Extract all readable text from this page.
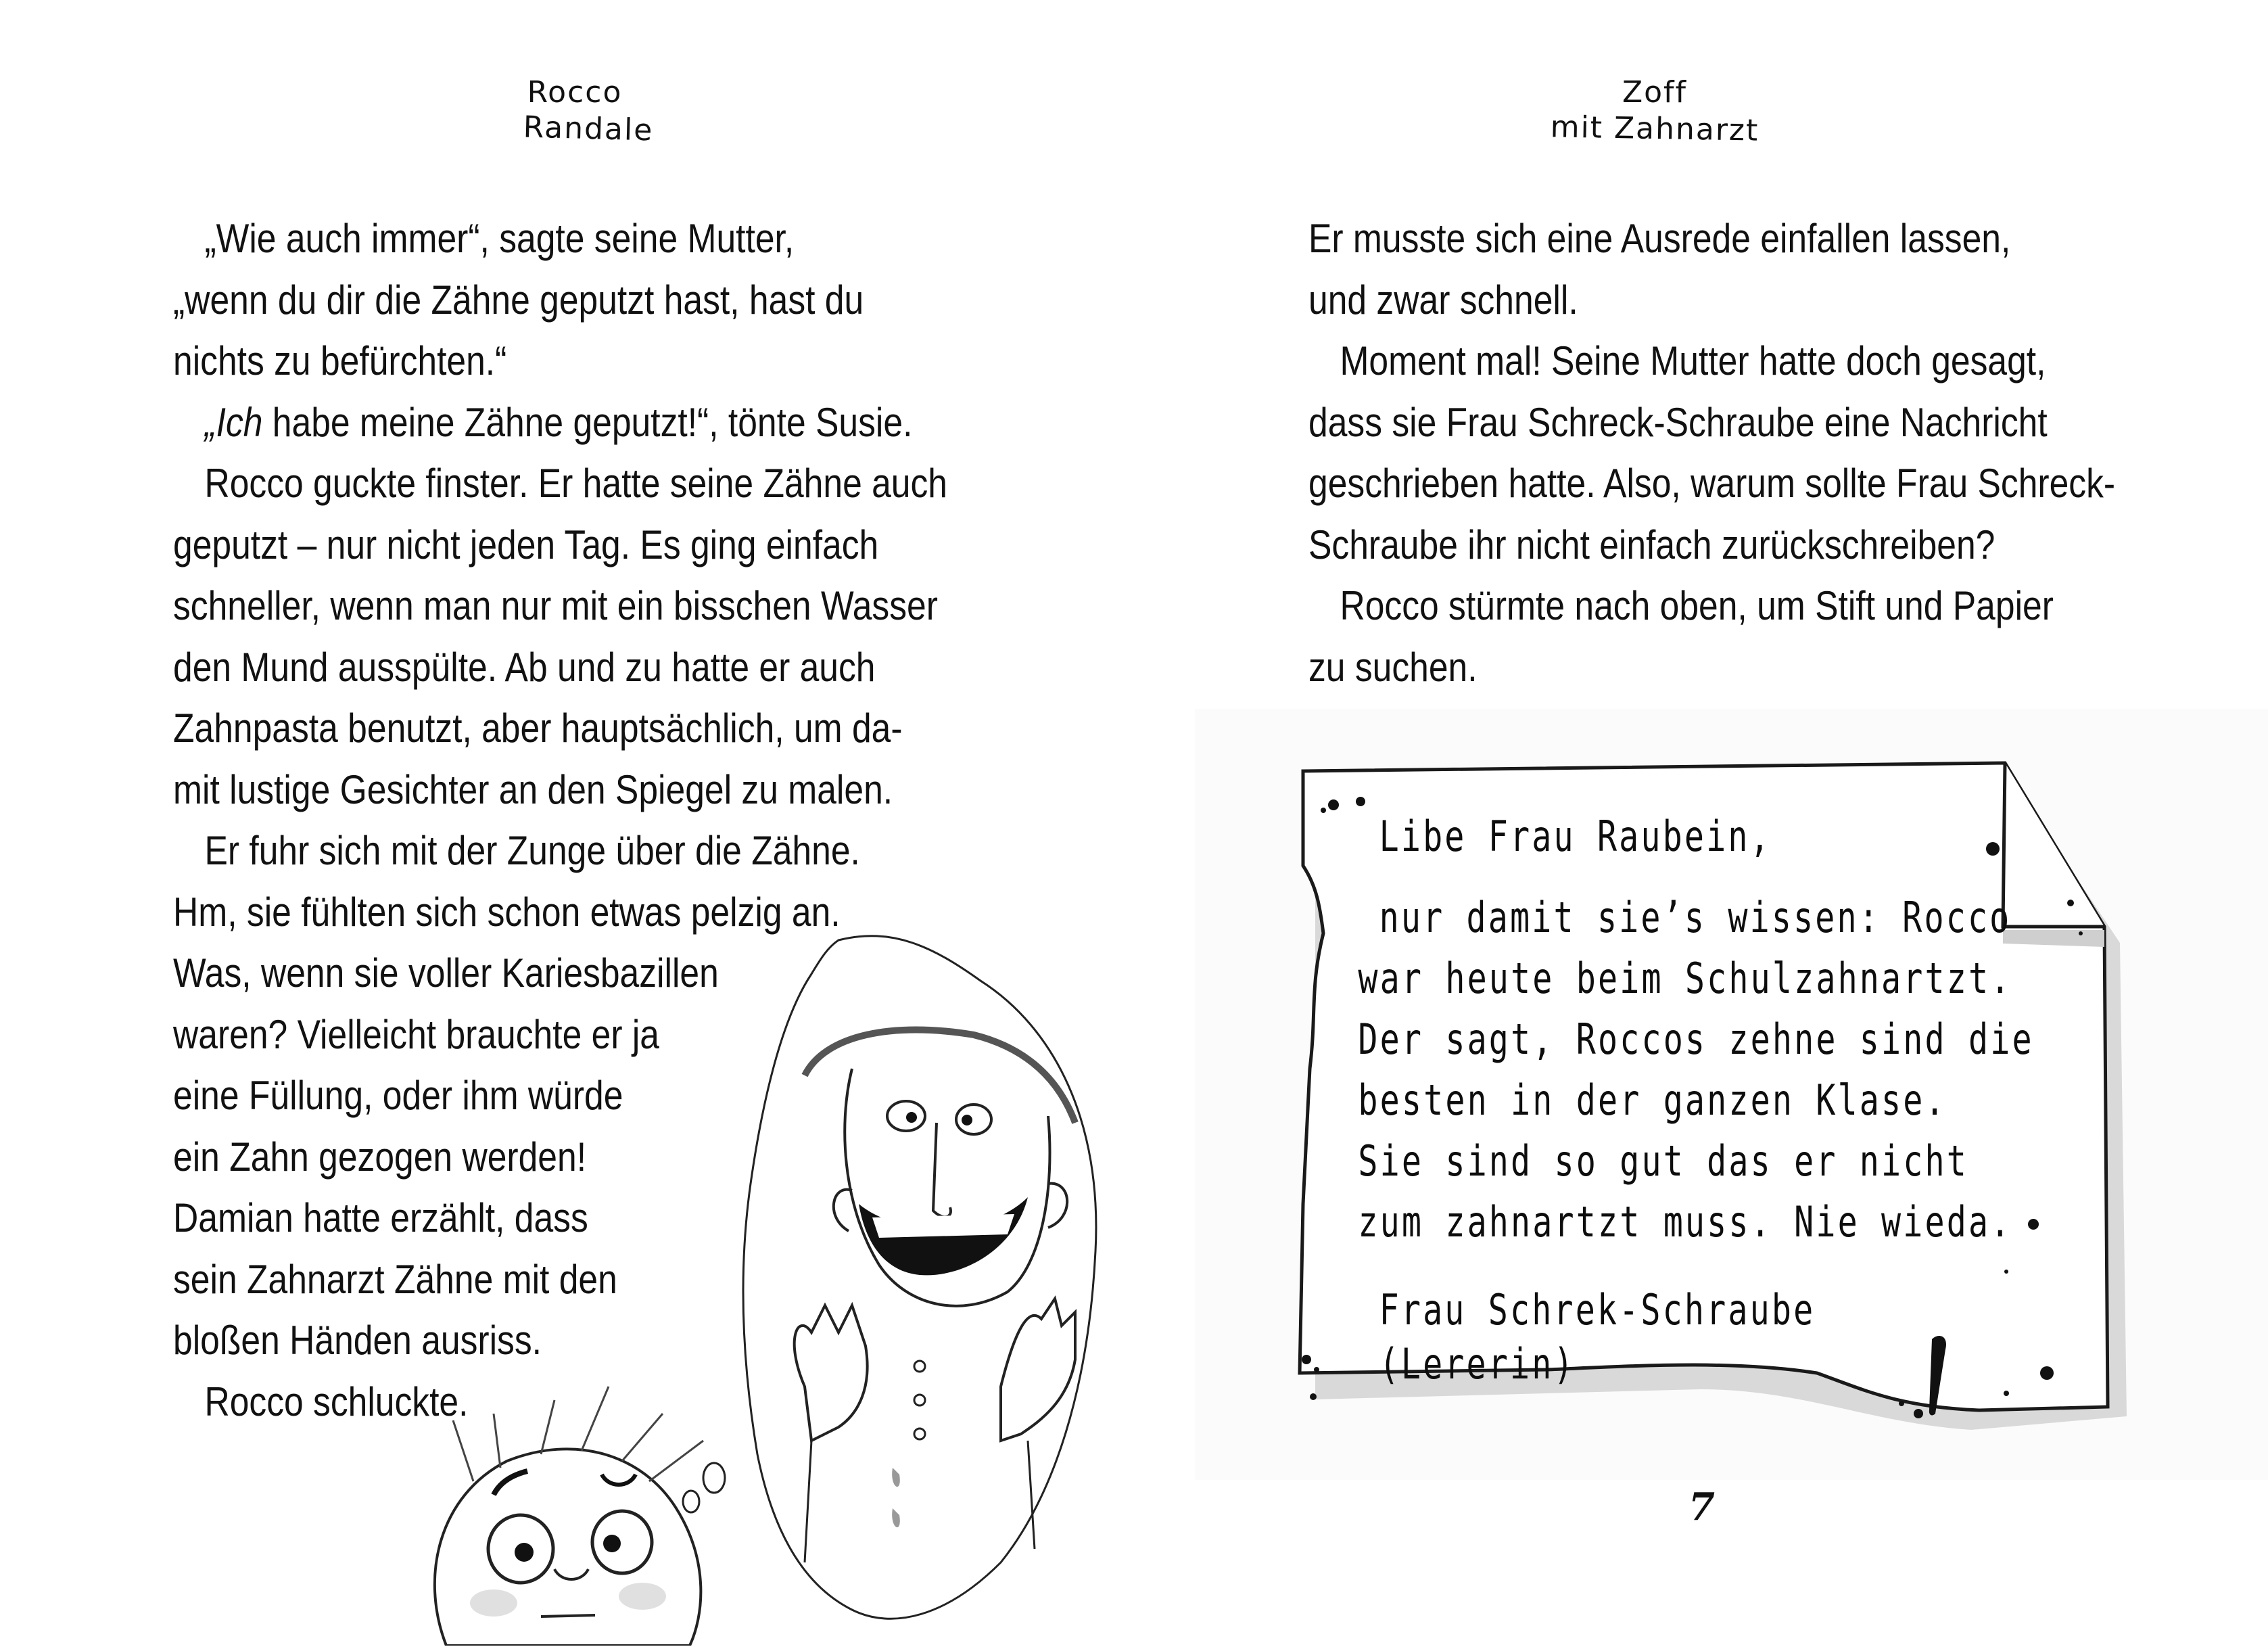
Rocco
Randale
„Wie auch immer“, sagte seine Mutter,
„wenn du dir die Zähne geputzt hast, hast du
nichts zu befürchten.“
„Ich habe meine Zähne geputzt!“, tönte Susie.
Rocco guckte finster. Er hatte seine Zähne auch
geputzt – nur nicht jeden Tag. Es ging einfach
schneller, wenn man nur mit ein bisschen Wasser
den Mund ausspülte. Ab und zu hatte er auch
Zahnpasta benutzt, aber hauptsächlich, um da-
mit lustige Gesichter an den Spiegel zu malen.
Er fuhr sich mit der Zunge über die Zähne.
Hm, sie fühlten sich schon etwas pelzig an.
Was, wenn sie voller Kariesbazillen
waren? Vielleicht brauchte er ja
eine Füllung, oder ihm würde
ein Zahn gezogen werden!
Damian hatte erzählt, dass
sein Zahnarzt Zähne mit den
bloßen Händen ausriss.
Rocco schluckte.
Zoff
mit Zahnarzt
Er musste sich eine Ausrede einfallen lassen,
und zwar schnell.
Moment mal! Seine Mutter hatte doch gesagt,
dass sie Frau Schreck-Schraube eine Nachricht
geschrieben hatte. Also, warum sollte Frau Schreck-
Schraube ihr nicht einfach zurückschreiben?
Rocco stürmte nach oben, um Stift und Papier
zu suchen.
Libe Frau Raubein,
nur damit sie’s wissen: Rocco
war heute beim Schulzahnartzt.
Der sagt, Roccos zehne sind die
besten in der ganzen Klase.
Sie sind so gut das er nicht
zum zahnartzt muss. Nie wieda.
Frau Schrek-Schraube
(Lererin)
7
